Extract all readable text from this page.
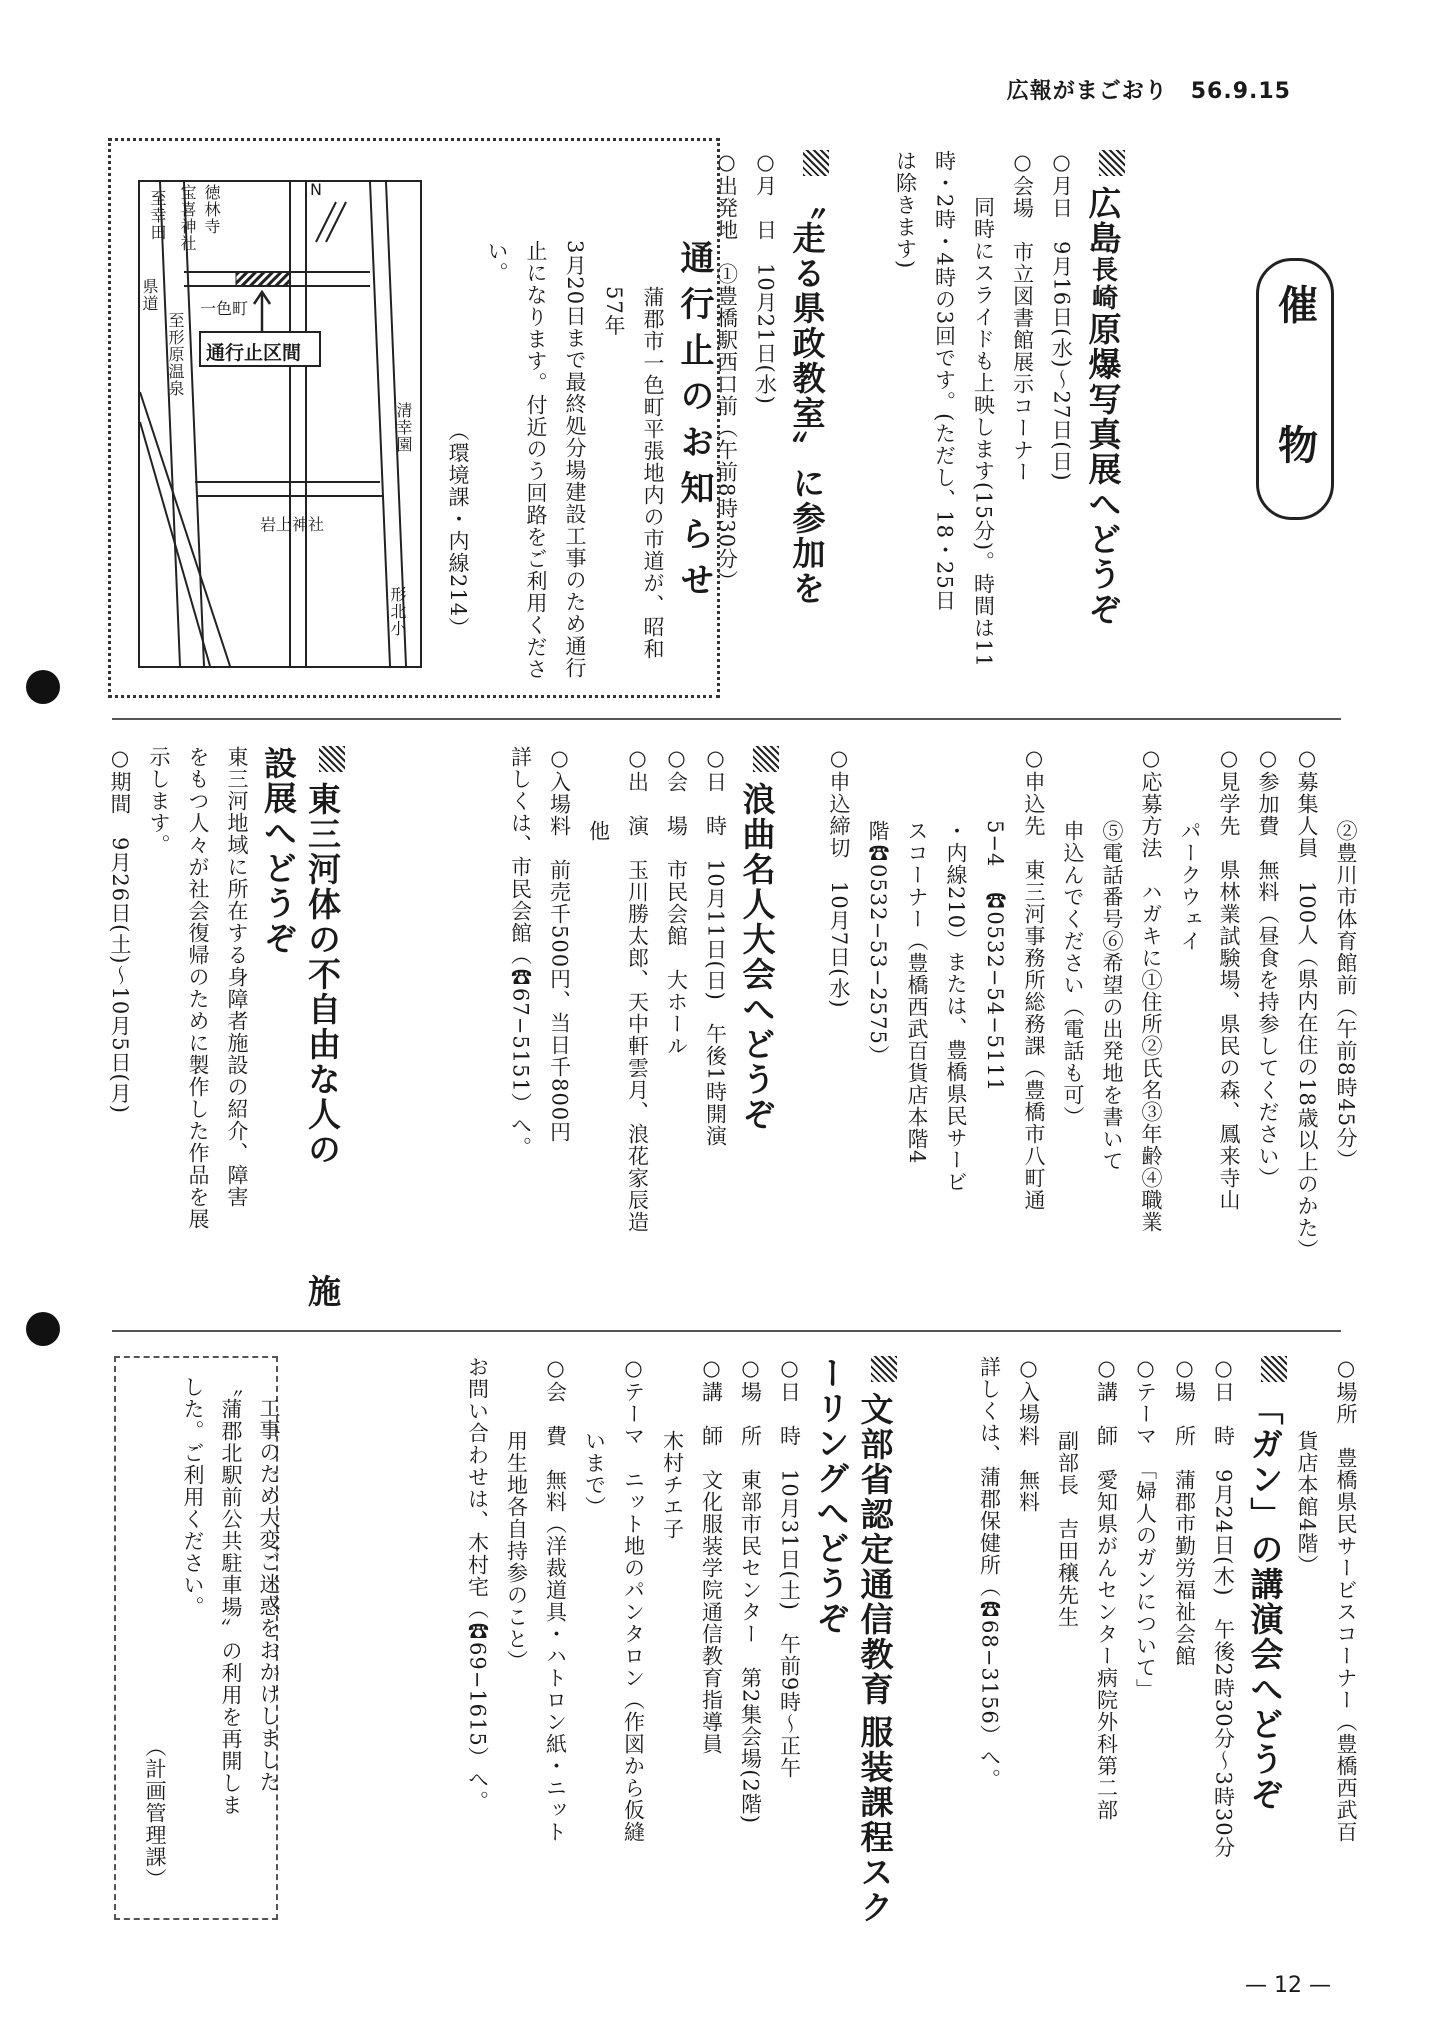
広報がまごおり　56.9.15
催　物
広島長崎原爆写真展へどうぞ
○月日　9月16日(水)〜27日(日)
○会場　市立図書館展示コーナー
同時にスライドも上映します(15分)。時間は11
時・2時・4時の3回です。(ただし、18・25日
は除きます)
〝走る県政教室〟に参加を
○月　日　10月21日(水)
○出発地　①豊橋駅西口前（午前8時30分）
通行止のお知らせ
蒲郡市一色町平張地内の市道が、昭和57年
3月20日まで最終処分場建設工事のため通行
止になります。付近のう回路をご利用くださ
い。
（環境課・内線214）
N
至幸田
県道
至形原温泉
宝喜神社 徳林寺
一色町
通行止区間
清幸園
岩上神社
形北小
②豊川市体育館前（午前8時45分）
○募集人員　100人（県内在住の18歳以上のかた）
○参加費　無料（昼食を持参してください）
○見学先　県林業試験場、県民の森、鳳来寺山
パークウェイ
○応募方法　ハガキに①住所②氏名③年齢④職業
⑤電話番号⑥希望の出発地を書いて
申込んでください（電話も可）
○申込先　東三河事務所総務課（豊橋市八町通
5−4　☎0532−54−5111
・内線210）または、豊橋県民サービ
スコーナー（豊橋西武百貨店本階4
階☎0532−53−2575）
○申込締切　10月7日(水)
浪曲名人大会へどうぞ
○日　時　10月11日(日)　午後1時開演
○会　場　市民会館　大ホール
○出　演　玉川勝太郎、天中軒雲月、浪花家辰造
他
○入場料　前売千500円、当日千800円
詳しくは、市民会館（☎67−5151）へ。
東三河体の不自由な人の 施設展へどうぞ
東三河地域に所在する身障者施設の紹介、障害
をもつ人々が社会復帰のために製作した作品を展
示します。
○期間　9月26日(土)〜10月5日(月)
○場所　豊橋県民サービスコーナー（豊橋西武百
貨店本館4階）
「ガン」の講演会へどうぞ
○日　時　9月24日(木)　午後2時30分〜3時30分
○場　所　蒲郡市勤労福祉会館
○テーマ　「婦人のガンについて」
○講　師　愛知県がんセンター病院外科第二部
副部長　吉田穣先生
○入場料　無料
詳しくは、蒲郡保健所（☎68−3156）へ。
文部省認定通信教育 服装課程スクーリングへどうぞ
○日　時　10月31日(土)　午前9時〜正午
○場　所　東部市民センター　第2集会場(2階)
○講　師　文化服装学院通信教育指導員
木村チエ子
○テーマ　ニット地のパンタロン（作図から仮縫
いまで）
○会　費　無料（洋裁道具・ハトロン紙・ニット
用生地各自持参のこと）
お問い合わせは、木村宅（☎69−1615）へ。
工事のため大変ご迷惑をおかけしました
〝蒲郡北駅前公共駐車場〟の利用を再開しま
した。ご利用ください。
（計画管理課）
— 12 —
